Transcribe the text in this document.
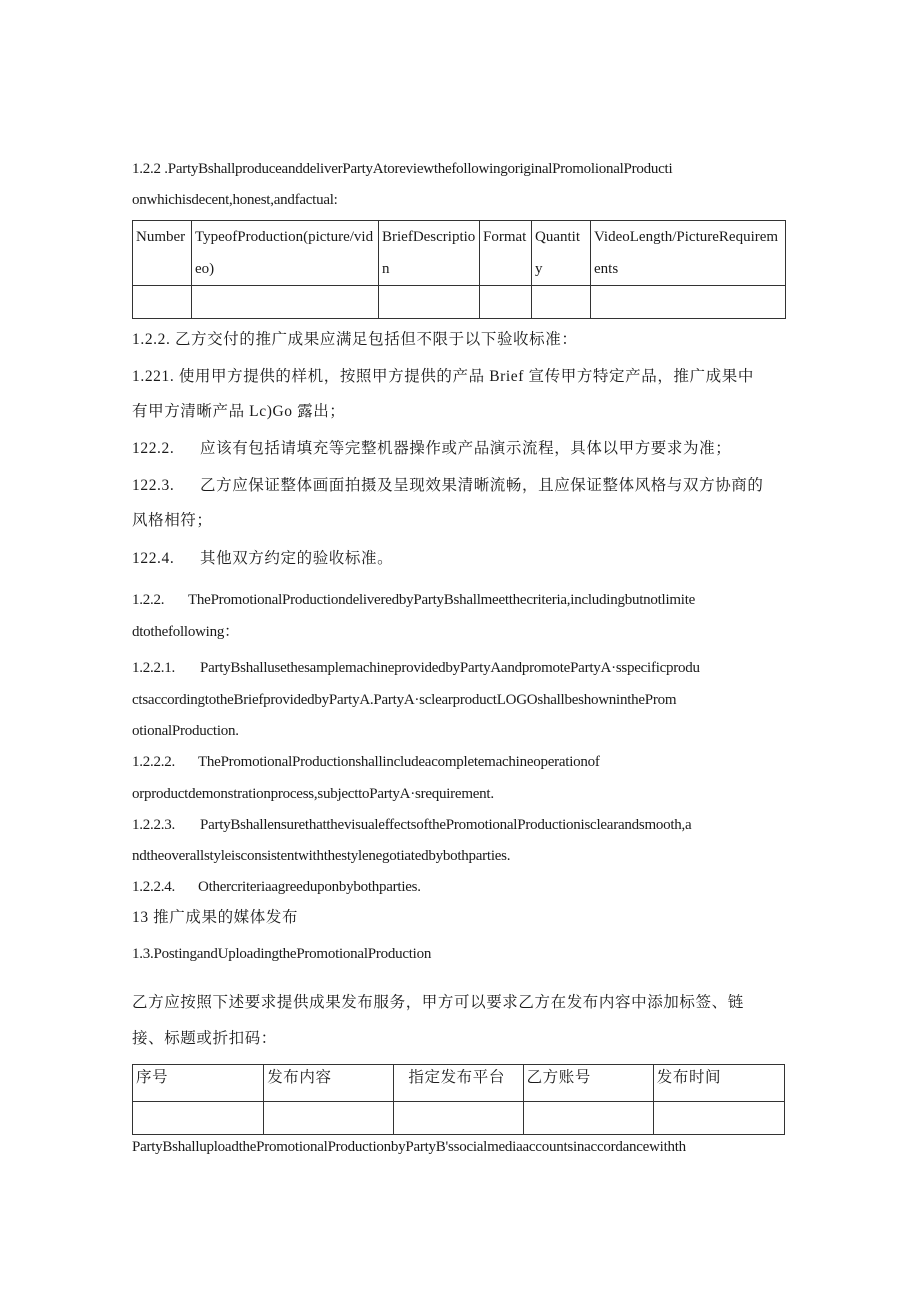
1.2.2 .PartyBshallproduceanddeliverPartyAtoreviewthefollowingoriginalPromolionalProducti
onwhichisdecent,honest,andfactual:
Number	TypeofProduction(picture/video)	BriefDescription	Format	Quantity	VideoLength/PictureRequirements

1.2.2. 乙方交付的推广成果应满足包括但不限于以下验收标准：
1.221. 使用甲方提供的样机，按照甲方提供的产品 Brief 宣传甲方特定产品，推广成果中
有甲方清晰产品 Lc)Go 露出；
122.2. 应该有包括请填充等完整机器操作或产品演示流程，具体以甲方要求为准；
122.3. 乙方应保证整体画面拍摄及呈现效果清晰流畅，且应保证整体风格与双方协商的
风格相符；
122.4. 其他双方约定的验收标准。
1.2.2. ThePromotionalProductiondeliveredbyPartyBshallmeetthecriteria,includingbutnotlimite
dtothefollowing：
1.2.2.1. PartyBshallusethesamplemachineprovidedbyPartyAandpromotePartyA·sspecificprodu
ctsaccordingtotheBriefprovidedbyPartyA.PartyA·sclearproductLOGOshallbeshownintheProm
otionalProduction.
1.2.2.2. ThePromotionalProductionshallincludeacompletemachineoperationof
orproductdemonstrationprocess,subjecttoPartyA·srequirement.
1.2.2.3. PartyBshallensurethatthevisualeffectsofthePromotionalProductionisclearandsmooth,a
ndtheoverallstyleisconsistentwiththestylenegotiatedbybothparties.
1.2.2.4. Othercriteriaagreeduponbybothparties.
13 推广成果的媒体发布
1.3.PostingandUploadingthePromotionalProduction
乙方应按照下述要求提供成果发布服务，甲方可以要求乙方在发布内容中添加标签、链
接、标题或折扣码：
序号	发布内容	指定发布平台	乙方账号	发布时间

PartyBshalluploadthePromotionalProductionbyPartyB'ssocialmediaaccountsinaccordancewithth
